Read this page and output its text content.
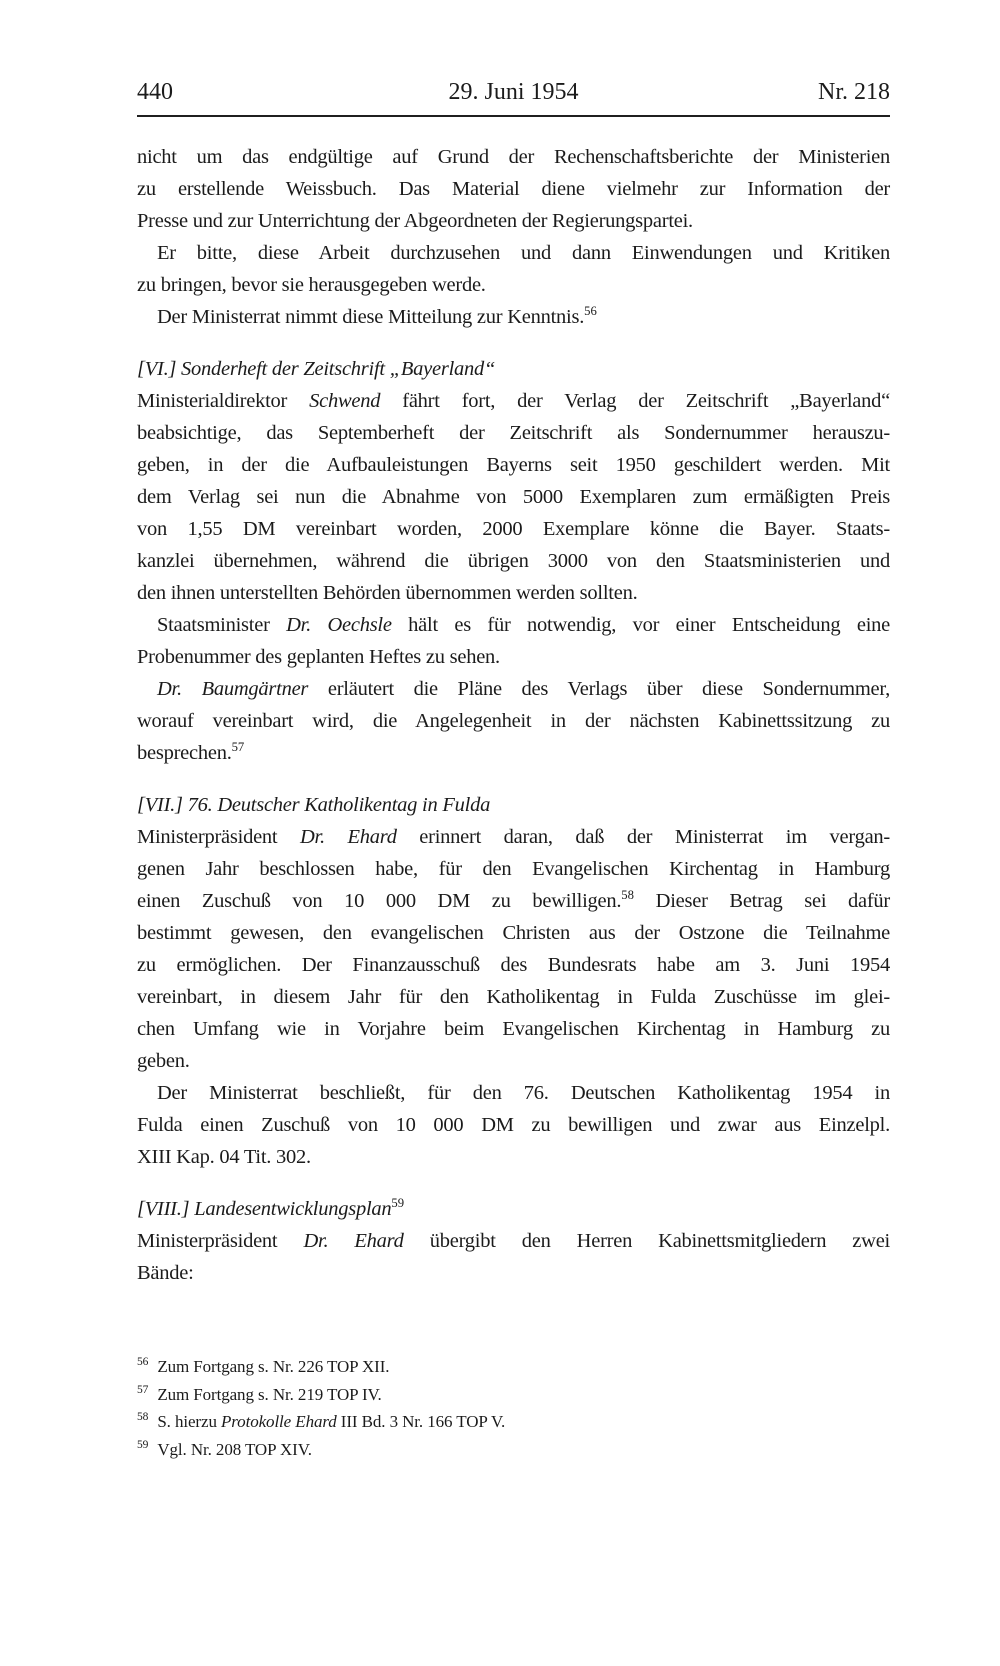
440	29. Juni 1954	Nr. 218
nicht um das endgültige auf Grund der Rechenschaftsberichte der Ministerien
zu erstellende Weissbuch. Das Material diene vielmehr zur Information der
Presse und zur Unterrichtung der Abgeordneten der Regierungspartei.
Er bitte, diese Arbeit durchzusehen und dann Einwendungen und Kritiken
zu bringen, bevor sie herausgegeben werde.
Der Ministerrat nimmt diese Mitteilung zur Kenntnis.$^{56}$
[VI.] Sonderheft der Zeitschrift „Bayerland“
Ministerialdirektor Schwend fährt fort, der Verlag der Zeitschrift „Bayerland“
beabsichtige, das Septemberheft der Zeitschrift als Sondernummer herauszu-
geben, in der die Aufbauleistungen Bayerns seit 1950 geschildert werden. Mit
dem Verlag sei nun die Abnahme von 5000 Exemplaren zum ermäßigten Preis
von 1,55 DM vereinbart worden, 2000 Exemplare könne die Bayer. Staats-
kanzlei übernehmen, während die übrigen 3000 von den Staatsministerien und
den ihnen unterstellten Behörden übernommen werden sollten.
Staatsminister Dr. Oechsle hält es für notwendig, vor einer Entscheidung eine
Probenummer des geplanten Heftes zu sehen.
Dr. Baumgärtner erläutert die Pläne des Verlags über diese Sondernummer,
worauf vereinbart wird, die Angelegenheit in der nächsten Kabinettssitzung zu
besprechen.$^{57}$
[VII.] 76. Deutscher Katholikentag in Fulda
Ministerpräsident Dr. Ehard erinnert daran, daß der Ministerrat im vergan-
genen Jahr beschlossen habe, für den Evangelischen Kirchentag in Hamburg
einen Zuschuß von 10 000 DM zu bewilligen.$^{58}$ Dieser Betrag sei dafür
bestimmt gewesen, den evangelischen Christen aus der Ostzone die Teilnahme
zu ermöglichen. Der Finanzausschuß des Bundesrats habe am 3. Juni 1954
vereinbart, in diesem Jahr für den Katholikentag in Fulda Zuschüsse im glei-
chen Umfang wie in Vorjahre beim Evangelischen Kirchentag in Hamburg zu
geben.
Der Ministerrat beschließt, für den 76. Deutschen Katholikentag 1954 in
Fulda einen Zuschuß von 10 000 DM zu bewilligen und zwar aus Einzelpl.
XIII Kap. 04 Tit. 302.
[VIII.] Landesentwicklungsplan$^{59}$
Ministerpräsident Dr. Ehard übergibt den Herren Kabinettsmitgliedern zwei
Bände:
$^{56}$ Zum Fortgang s. Nr. 226 TOP XII.
$^{57}$ Zum Fortgang s. Nr. 219 TOP IV.
$^{58}$ S. hierzu Protokolle Ehard III Bd. 3 Nr. 166 TOP V.
$^{59}$ Vgl. Nr. 208 TOP XIV.
